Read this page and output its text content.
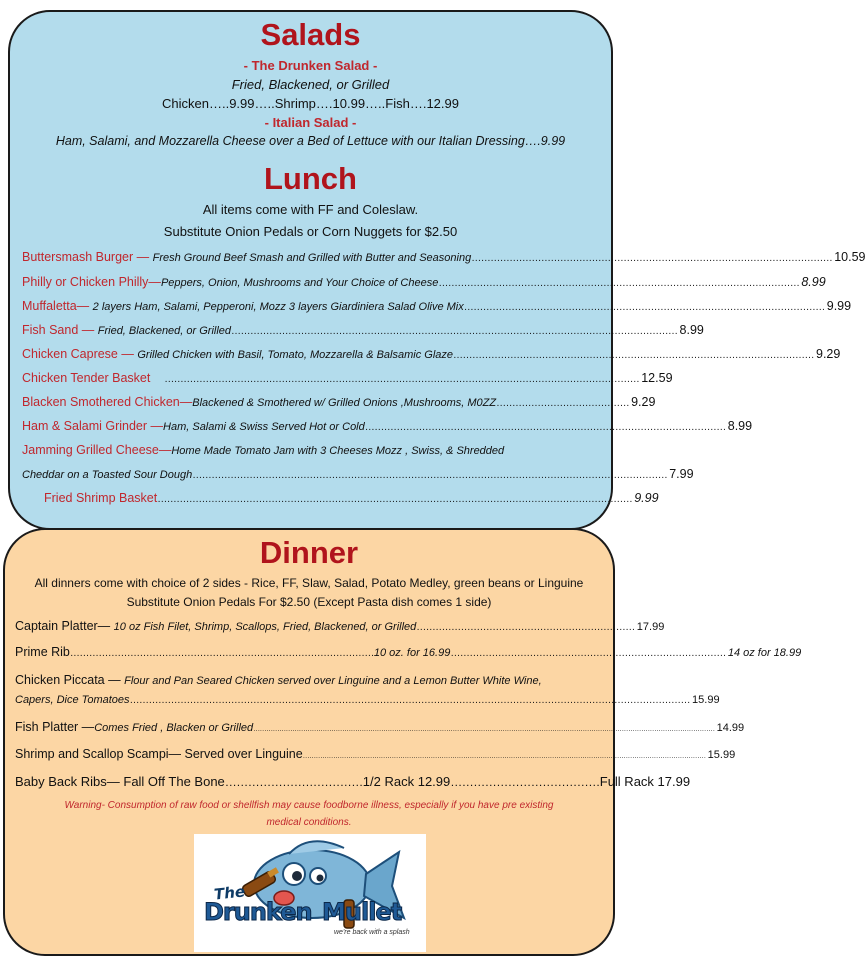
Salads
- The Drunken Salad -
Fried, Blackened, or Grilled
Chicken…..9.99…..Shrimp….10.99…..Fish….12.99
- Italian Salad -
Ham, Salami, and Mozzarella Cheese over a Bed of Lettuce with our Italian Dressing….9.99
Lunch
All items come with FF and Coleslaw.
Substitute Onion Pedals or Corn Nuggets for $2.50
Buttersmash Burger —
Fresh Ground Beef Smash and Grilled with Butter and Seasoning …………………………………………………………………………………………………… 10.59
Philly or Chicken Philly— Peppers, Onion, Mushrooms and Your Choice of Cheese …………………………………………………………………………………………………… 8.99
Muffaletta—
2 layers Ham, Salami, Pepperoni, Mozz 3 layers Giardiniera Salad Olive Mix …………………………………………………………………………………………………… 9.99
Fish Sand —
Fried, Blackened, or Grilled …………………………………………………………………………………………………………………………… 8.99
Chicken Caprese —
Grilled Chicken with Basil, Tomato, Mozzarella & Balsamic Glaze …………………………………………………………………………………………………… 9.29
Chicken Tender Basket
…………………………………………………………………………………………………………………………………… 12.59
Blacken Smothered Chicken— Blackened & Smothered w/ Grilled Onions ,Mushrooms, M0ZZ …………………………………… 9.29
Ham & Salami Grinder — Ham, Salami & Swiss Served Hot or Cold …………………………………………………………………………………………………… 8.99
Jamming Grilled Cheese— Home Made Tomato Jam with 3 Cheeses Mozz , Swiss, & Shredded
Cheddar on a Toasted Sour Dough …………………………………………………………………………………………………………………………………… 7.99
Fried Shrimp Basket …………………………………………………………………………………………………………………………………… 9.99
Dinner
All dinners come with choice of 2 sides - Rice, FF, Slaw, Salad, Potato Medley, green beans or Linguine
Substitute Onion Pedals For $2.50 (Except Pasta dish comes 1 side)
Captain Platter—
10 oz Fish Filet, Shrimp, Scallops, Fried, Blackened, or Grilled …………………………………………………………… 17.99
Prime Rib …………………………………………………………………………………… 10 oz. for 16.99 …………………………………………………………………………… 14 oz for 18.99
Chicken Piccata —
Flour and Pan Seared Chicken served over Linguine and a Lemon Butter White Wine,
Capers, Dice Tomatoes …………………………………………………………………………………………………………………………………………………………… 15.99
Fish Platter — Comes Fried , Blacken or Grilled …………………………………………………………………………………………………………………………………………………………………………………………… 14.99
Shrimp and Scallop Scampi— Served over Linguine …………………………………………………………………………………………………………………………………………………………………… 15.99
Baby Back Ribs— Fall Off The Bone ……………………………… 1/2 Rack 12.99 ………………………………… Full Rack 17.99
Warning- Consumption of raw food or shellfish may cause foodborne illness, especially if you have pre existing
medical conditions.
The
Drunken Mullet
we're back with a splash
